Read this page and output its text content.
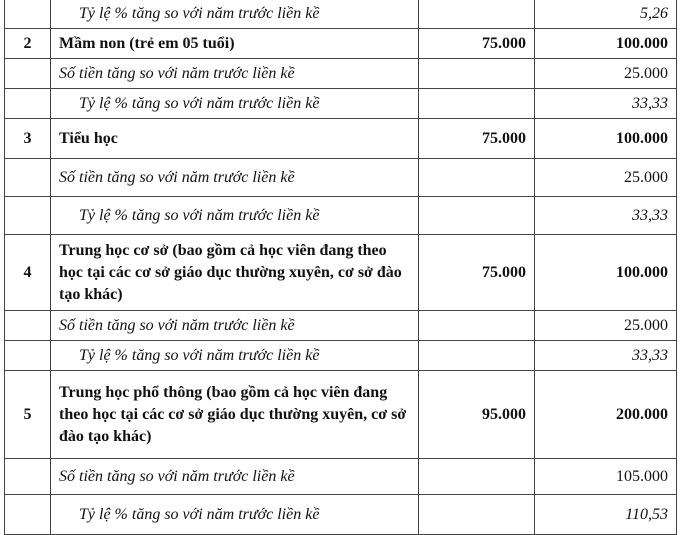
	Tỷ lệ % tăng so với năm trước liền kề		5,26
2	Mầm non (trẻ em 05 tuổi)	75.000	100.000
	Số tiền tăng so với năm trước liền kề		25.000
	Tỷ lệ % tăng so với năm trước liền kề		33,33
3	Tiểu học	75.000	100.000
	Số tiền tăng so với năm trước liền kề		25.000
	Tỷ lệ % tăng so với năm trước liền kề		33,33
4	Trung học cơ sở (bao gồm cả học viên đang theo học tại các cơ sở giáo dục thường xuyên, cơ sở đào tạo khác)	75.000	100.000
	Số tiền tăng so với năm trước liền kề		25.000
	Tỷ lệ % tăng so với năm trước liền kề		33,33
5	Trung học phổ thông (bao gồm cả học viên đang theo học tại các cơ sở giáo dục thường xuyên, cơ sở đào tạo khác)	95.000	200.000
	Số tiền tăng so với năm trước liền kề		105.000
	Tỷ lệ % tăng so với năm trước liền kề		110,53
